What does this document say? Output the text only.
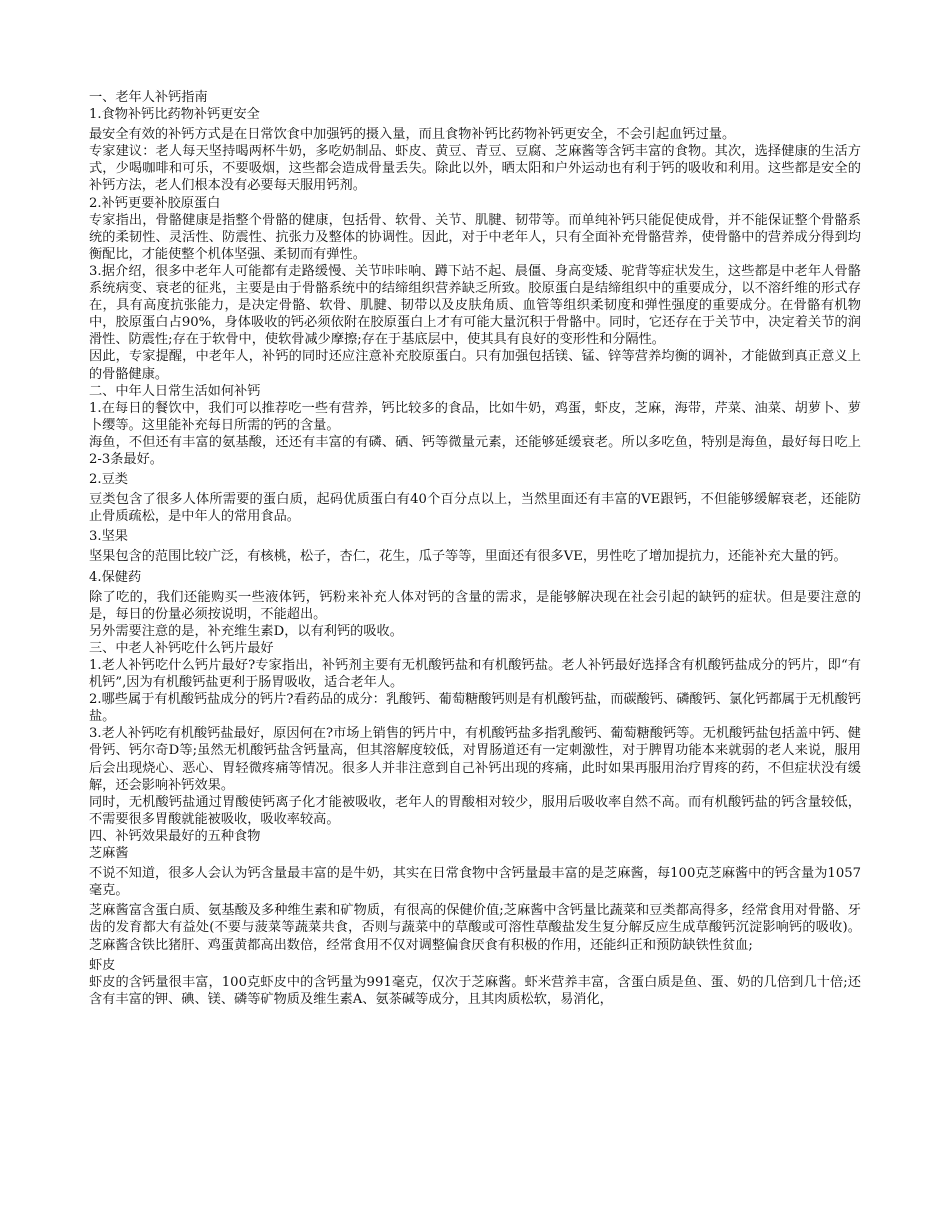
一、老年人补钙指南

1.食物补钙比药物补钙更安全

最安全有效的补钙方式是在日常饮食中加强钙的摄入量，而且食物补钙比药物补钙更安全，不会引起血钙过量。

专家建议：老人每天坚持喝两杯牛奶，多吃奶制品、虾皮、黄豆、青豆、豆腐、芝麻酱等含钙丰富的食物。其次，选择健康的生活方式，少喝咖啡和可乐，不要吸烟，这些都会造成骨量丢失。除此以外，晒太阳和户外运动也有利于钙的吸收和利用。这些都是安全的补钙方法，老人们根本没有必要每天服用钙剂。

2.补钙更要补胶原蛋白

专家指出，骨骼健康是指整个骨骼的健康，包括骨、软骨、关节、肌腱、韧带等。而单纯补钙只能促使成骨，并不能保证整个骨骼系统的柔韧性、灵活性、防震性、抗张力及整体的协调性。因此，对于中老年人，只有全面补充骨骼营养，使骨骼中的营养成分得到均衡配比，才能使整个机体坚强、柔韧而有弹性。

3.据介绍，很多中老年人可能都有走路缓慢、关节咔咔响、蹲下站不起、晨僵、身高变矮、驼背等症状发生，这些都是中老年人骨骼系统病变、衰老的征兆，主要是由于骨骼系统中的结缔组织营养缺乏所致。胶原蛋白是结缔组织中的重要成分，以不溶纤维的形式存在，具有高度抗张能力，是决定骨骼、软骨、肌腱、韧带以及皮肤角质、血管等组织柔韧度和弹性强度的重要成分。在骨骼有机物中，胶原蛋白占90%，身体吸收的钙必须依附在胶原蛋白上才有可能大量沉积于骨骼中。同时，它还存在于关节中，决定着关节的润滑性、防震性;存在于软骨中，使软骨减少摩擦;存在于基底层中，使其具有良好的变形性和分隔性。

因此，专家提醒，中老年人，补钙的同时还应注意补充胶原蛋白。只有加强包括镁、锰、锌等营养均衡的调补，才能做到真正意义上的骨骼健康。

二、中年人日常生活如何补钙

1.在每日的餐饮中，我们可以推荐吃一些有营养，钙比较多的食品，比如牛奶，鸡蛋，虾皮，芝麻，海带，芹菜、油菜、胡萝卜、萝卜缨等。这里能补充每日所需的钙的含量。

海鱼，不但还有丰富的氨基酸，还还有丰富的有磷、硒、钙等微量元素，还能够延缓衰老。所以多吃鱼，特别是海鱼，最好每日吃上2-3条最好。

2.豆类

豆类包含了很多人体所需要的蛋白质，起码优质蛋白有40个百分点以上，当然里面还有丰富的VE跟钙，不但能够缓解衰老，还能防止骨质疏松，是中年人的常用食品。

3.坚果

坚果包含的范围比较广泛，有核桃，松子，杏仁，花生，瓜子等等，里面还有很多VE，男性吃了增加提抗力，还能补充大量的钙。

4.保健药

除了吃的，我们还能购买一些液体钙，钙粉来补充人体对钙的含量的需求，是能够解决现在社会引起的缺钙的症状。但是要注意的是，每日的份量必须按说明，不能超出。

另外需要注意的是，补充维生素D，以有利钙的吸收。

三、中老人补钙吃什么钙片最好

1.老人补钙吃什么钙片最好?专家指出，补钙剂主要有无机酸钙盐和有机酸钙盐。老人补钙最好选择含有机酸钙盐成分的钙片，即“有机钙”,因为有机酸钙盐更利于肠胃吸收，适合老年人。

2.哪些属于有机酸钙盐成分的钙片?看药品的成分：乳酸钙、葡萄糖酸钙则是有机酸钙盐，而碳酸钙、磷酸钙、氯化钙都属于无机酸钙盐。

3.老人补钙吃有机酸钙盐最好，原因何在?市场上销售的钙片中，有机酸钙盐多指乳酸钙、葡萄糖酸钙等。无机酸钙盐包括盖中钙、健骨钙、钙尔奇D等;虽然无机酸钙盐含钙量高，但其溶解度较低，对胃肠道还有一定刺激性，对于脾胃功能本来就弱的老人来说，服用后会出现烧心、恶心、胃轻微疼痛等情况。很多人并非注意到自己补钙出现的疼痛，此时如果再服用治疗胃疼的药，不但症状没有缓解，还会影响补钙效果。

同时，无机酸钙盐通过胃酸使钙离子化才能被吸收，老年人的胃酸相对较少，服用后吸收率自然不高。而有机酸钙盐的钙含量较低，不需要很多胃酸就能被吸收，吸收率较高。

四、补钙效果最好的五种食物

芝麻酱

不说不知道，很多人会认为钙含量最丰富的是牛奶，其实在日常食物中含钙量最丰富的是芝麻酱，每100克芝麻酱中的钙含量为1057毫克。

芝麻酱富含蛋白质、氨基酸及多种维生素和矿物质，有很高的保健价值;芝麻酱中含钙量比蔬菜和豆类都高得多，经常食用对骨骼、牙齿的发育都大有益处(不要与菠菜等蔬菜共食，否则与蔬菜中的草酸或可溶性草酸盐发生复分解反应生成草酸钙沉淀影响钙的吸收)。芝麻酱含铁比猪肝、鸡蛋黄都高出数倍，经常食用不仅对调整偏食厌食有积极的作用，还能纠正和预防缺铁性贫血;

虾皮

虾皮的含钙量很丰富，100克虾皮中的含钙量为991毫克，仅次于芝麻酱。虾米营养丰富，含蛋白质是鱼、蛋、奶的几倍到几十倍;还含有丰富的钾、碘、镁、磷等矿物质及维生素A、氨茶碱等成分，且其肉质松软，易消化，
